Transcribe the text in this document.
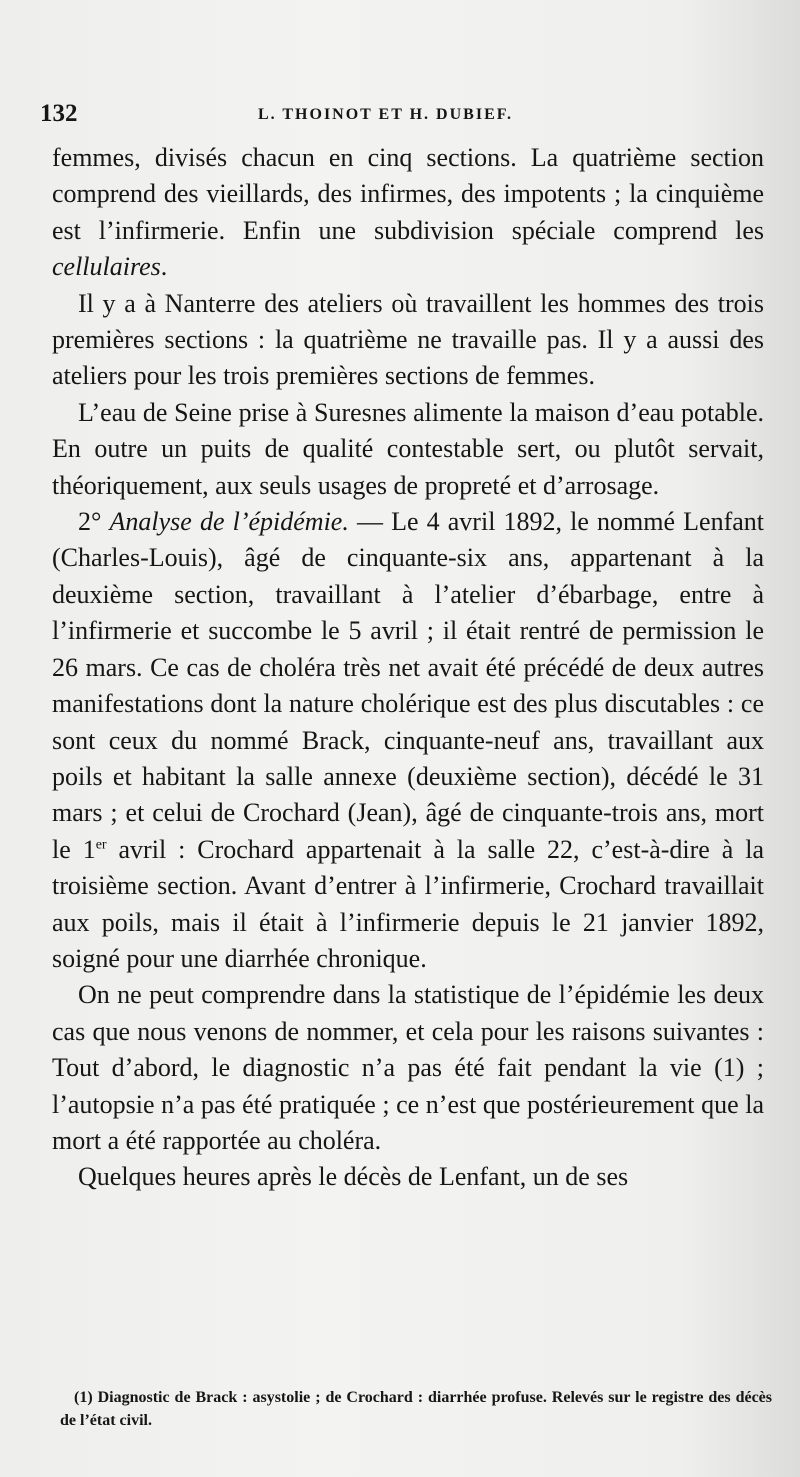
132	L. THOINOT ET H. DUBIEF.

femmes, divisés chacun en cinq sections. La quatrième section comprend des vieillards, des infirmes, des impotents ; la cinquième est l’infirmerie. Enfin une subdivision spéciale comprend les cellulaires.

Il y a à Nanterre des ateliers où travaillent les hommes des trois premières sections : la quatrième ne travaille pas. Il y a aussi des ateliers pour les trois premières sections de femmes.

L’eau de Seine prise à Suresnes alimente la maison d’eau potable. En outre un puits de qualité contestable sert, ou plutôt servait, théoriquement, aux seuls usages de propreté et d’arrosage.

2° Analyse de l’épidémie. — Le 4 avril 1892, le nommé Lenfant (Charles-Louis), âgé de cinquante-six ans, appartenant à la deuxième section, travaillant à l’atelier d’ébarbage, entre à l’infirmerie et succombe le 5 avril ; il était rentré de permission le 26 mars. Ce cas de choléra très net avait été précédé de deux autres manifestations dont la nature cholérique est des plus discutables : ce sont ceux du nommé Brack, cinquante-neuf ans, travaillant aux poils et habitant la salle annexe (deuxième section), décédé le 31 mars ; et celui de Crochard (Jean), âgé de cinquante-trois ans, mort le 1er avril : Crochard appartenait à la salle 22, c’est-à-dire à la troisième section. Avant d’entrer à l’infirmerie, Crochard travaillait aux poils, mais il était à l’infirmerie depuis le 21 janvier 1892, soigné pour une diarrhée chronique.

On ne peut comprendre dans la statistique de l’épidémie les deux cas que nous venons de nommer, et cela pour les raisons suivantes : Tout d’abord, le diagnostic n’a pas été fait pendant la vie (1) ; l’autopsie n’a pas été pratiquée ; ce n’est que postérieurement que la mort a été rapportée au choléra.

Quelques heures après le décès de Lenfant, un de ses

(1) Diagnostic de Brack : asystolie ; de Crochard : diarrhée profuse. Relevés sur le registre des décès de l’état civil.
